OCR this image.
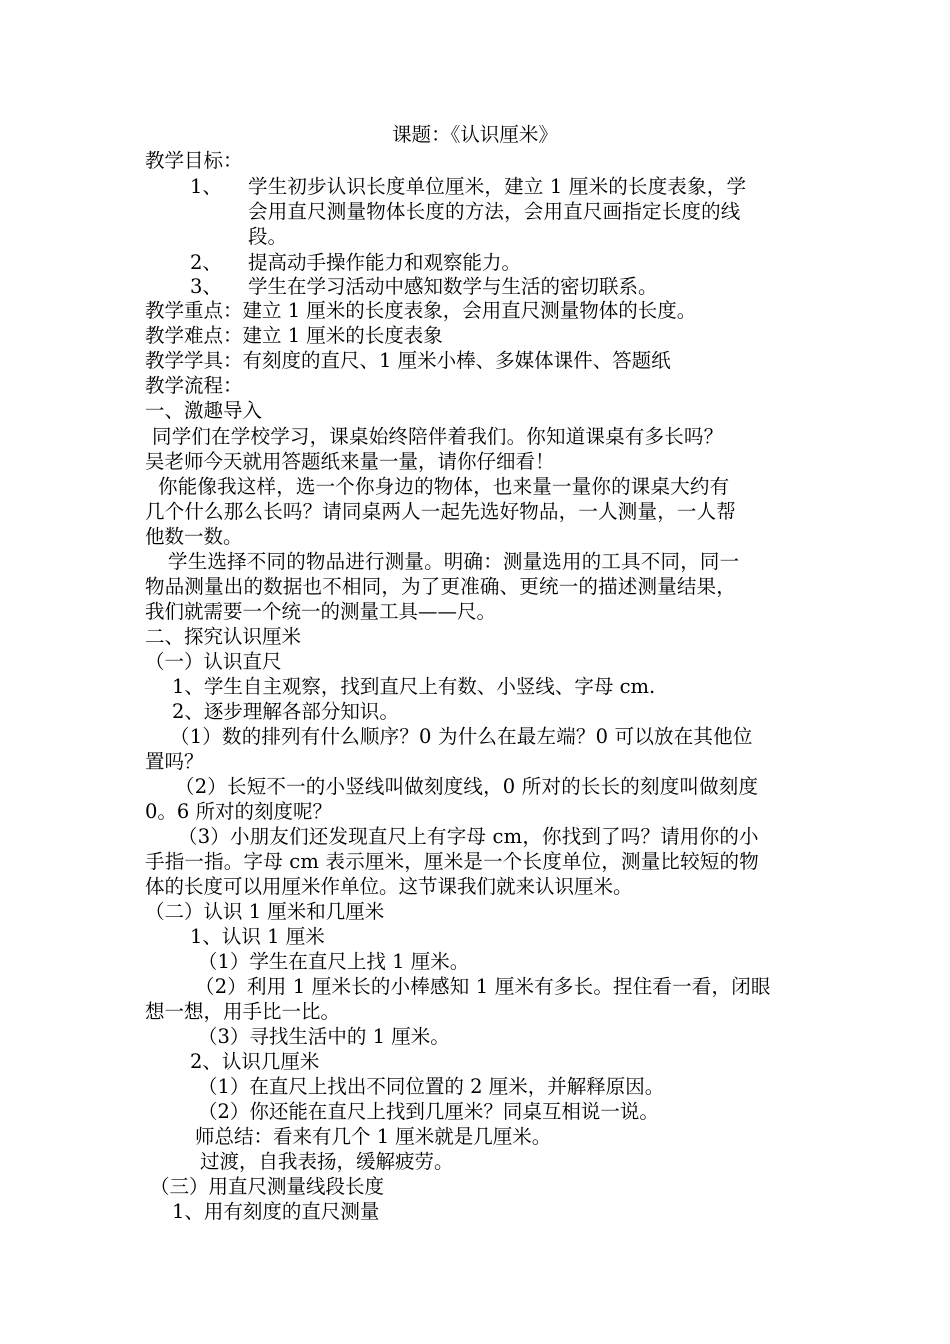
课题：《认识厘米》
教学目标：
1、 学生初步认识长度单位厘米，建立 1 厘米的长度表象，学
会用直尺测量物体长度的方法，会用直尺画指定长度的线
段。
2、 提高动手操作能力和观察能力。
3、 学生在学习活动中感知数学与生活的密切联系。
教学重点：建立 1 厘米的长度表象，会用直尺测量物体的长度。
教学难点：建立 1 厘米的长度表象
教学学具：有刻度的直尺、1 厘米小棒、多媒体课件、答题纸
教学流程：
一、激趣导入
同学们在学校学习，课桌始终陪伴着我们。你知道课桌有多长吗？
吴老师今天就用答题纸来量一量，请你仔细看！
你能像我这样，选一个你身边的物体，也来量一量你的课桌大约有
几个什么那么长吗？请同桌两人一起先选好物品，一人测量，一人帮
他数一数。
学生选择不同的物品进行测量。明确：测量选用的工具不同，同一
物品测量出的数据也不相同，为了更准确、更统一的描述测量结果，
我们就需要一个统一的测量工具——尺。
二、探究认识厘米
（一）认识直尺
1、学生自主观察，找到直尺上有数、小竖线、字母 cm.
2、逐步理解各部分知识。
（1）数的排列有什么顺序？0 为什么在最左端？0 可以放在其他位
置吗？
（2）长短不一的小竖线叫做刻度线，0 所对的长长的刻度叫做刻度
0。6 所对的刻度呢？
（3）小朋友们还发现直尺上有字母 cm，你找到了吗？请用你的小
手指一指。字母 cm 表示厘米，厘米是一个长度单位，测量比较短的物
体的长度可以用厘米作单位。这节课我们就来认识厘米。
（二）认识 1 厘米和几厘米
1、认识 1 厘米
（1）学生在直尺上找 1 厘米。
（2）利用 1 厘米长的小棒感知 1 厘米有多长。捏住看一看，闭眼
想一想，用手比一比。
（3）寻找生活中的 1 厘米。
2、认识几厘米
（1）在直尺上找出不同位置的 2 厘米，并解释原因。
（2）你还能在直尺上找到几厘米？同桌互相说一说。
师总结：看来有几个 1 厘米就是几厘米。
过渡，自我表扬，缓解疲劳。
（三）用直尺测量线段长度
1、用有刻度的直尺测量
